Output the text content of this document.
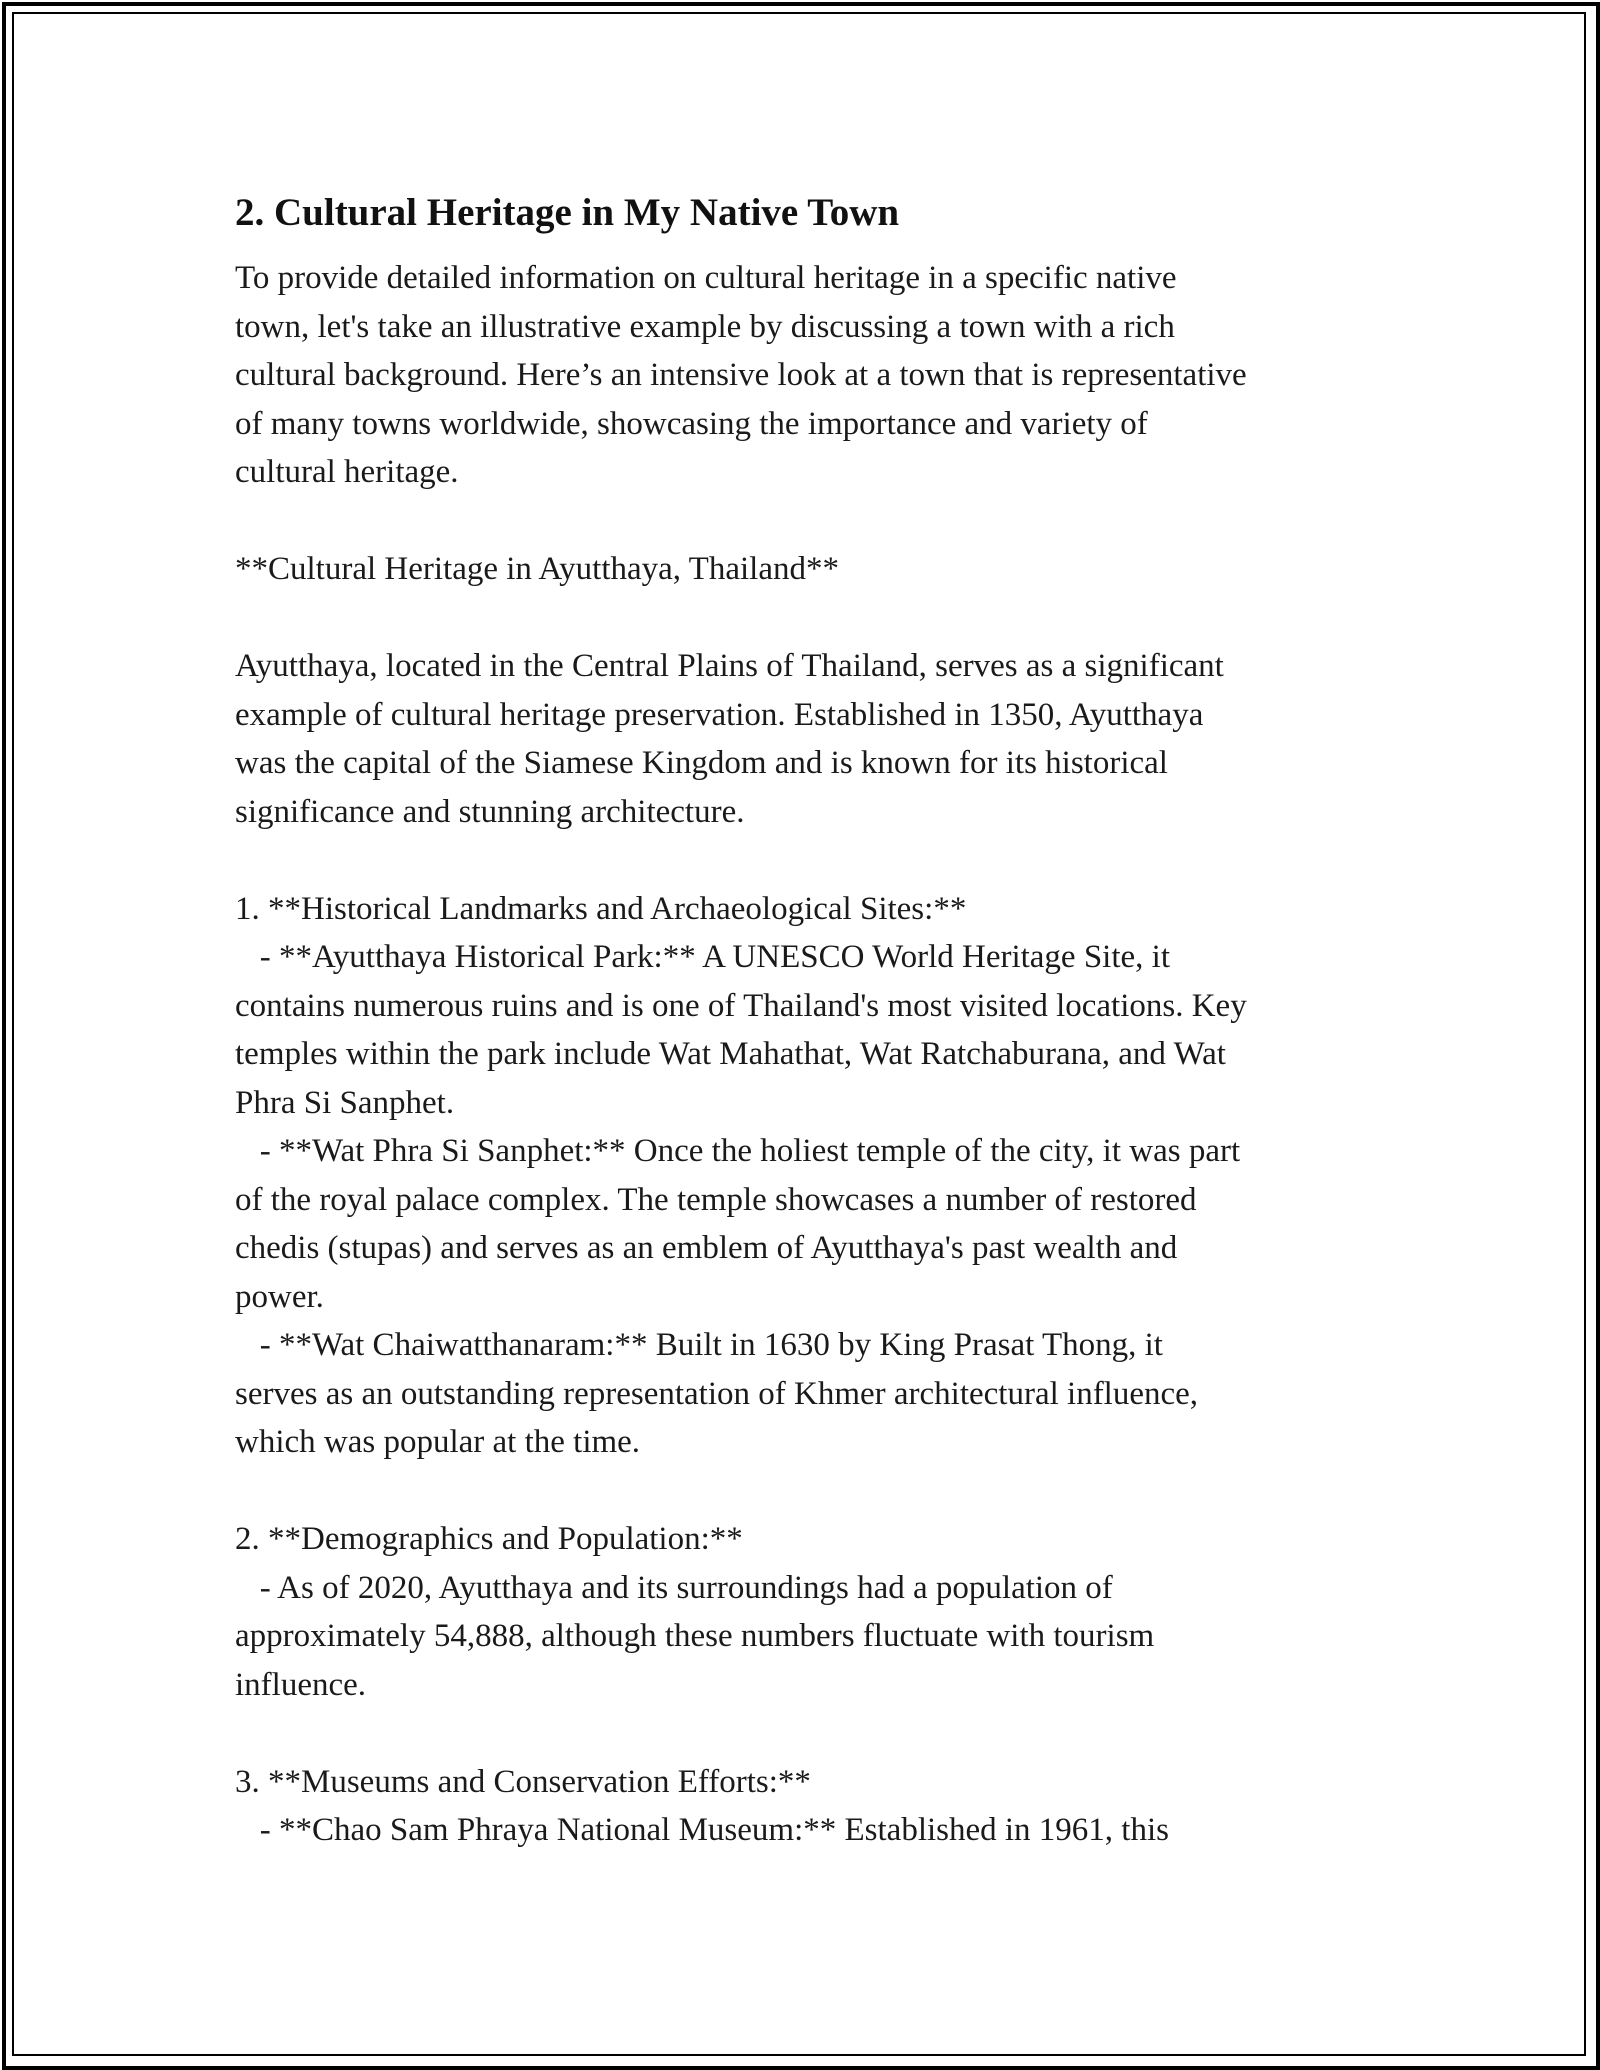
2. Cultural Heritage in My Native Town

To provide detailed information on cultural heritage in a specific native
town, let's take an illustrative example by discussing a town with a rich
cultural background. Here’s an intensive look at a town that is representative
of many towns worldwide, showcasing the importance and variety of
cultural heritage.

**Cultural Heritage in Ayutthaya, Thailand**

Ayutthaya, located in the Central Plains of Thailand, serves as a significant
example of cultural heritage preservation. Established in 1350, Ayutthaya
was the capital of the Siamese Kingdom and is known for its historical
significance and stunning architecture.

1. **Historical Landmarks and Archaeological Sites:**
- **Ayutthaya Historical Park:** A UNESCO World Heritage Site, it
contains numerous ruins and is one of Thailand's most visited locations. Key
temples within the park include Wat Mahathat, Wat Ratchaburana, and Wat
Phra Si Sanphet.
- **Wat Phra Si Sanphet:** Once the holiest temple of the city, it was part
of the royal palace complex. The temple showcases a number of restored
chedis (stupas) and serves as an emblem of Ayutthaya's past wealth and
power.
- **Wat Chaiwatthanaram:** Built in 1630 by King Prasat Thong, it
serves as an outstanding representation of Khmer architectural influence,
which was popular at the time.

2. **Demographics and Population:**
- As of 2020, Ayutthaya and its surroundings had a population of
approximately 54,888, although these numbers fluctuate with tourism
influence.

3. **Museums and Conservation Efforts:**
- **Chao Sam Phraya National Museum:** Established in 1961, this
